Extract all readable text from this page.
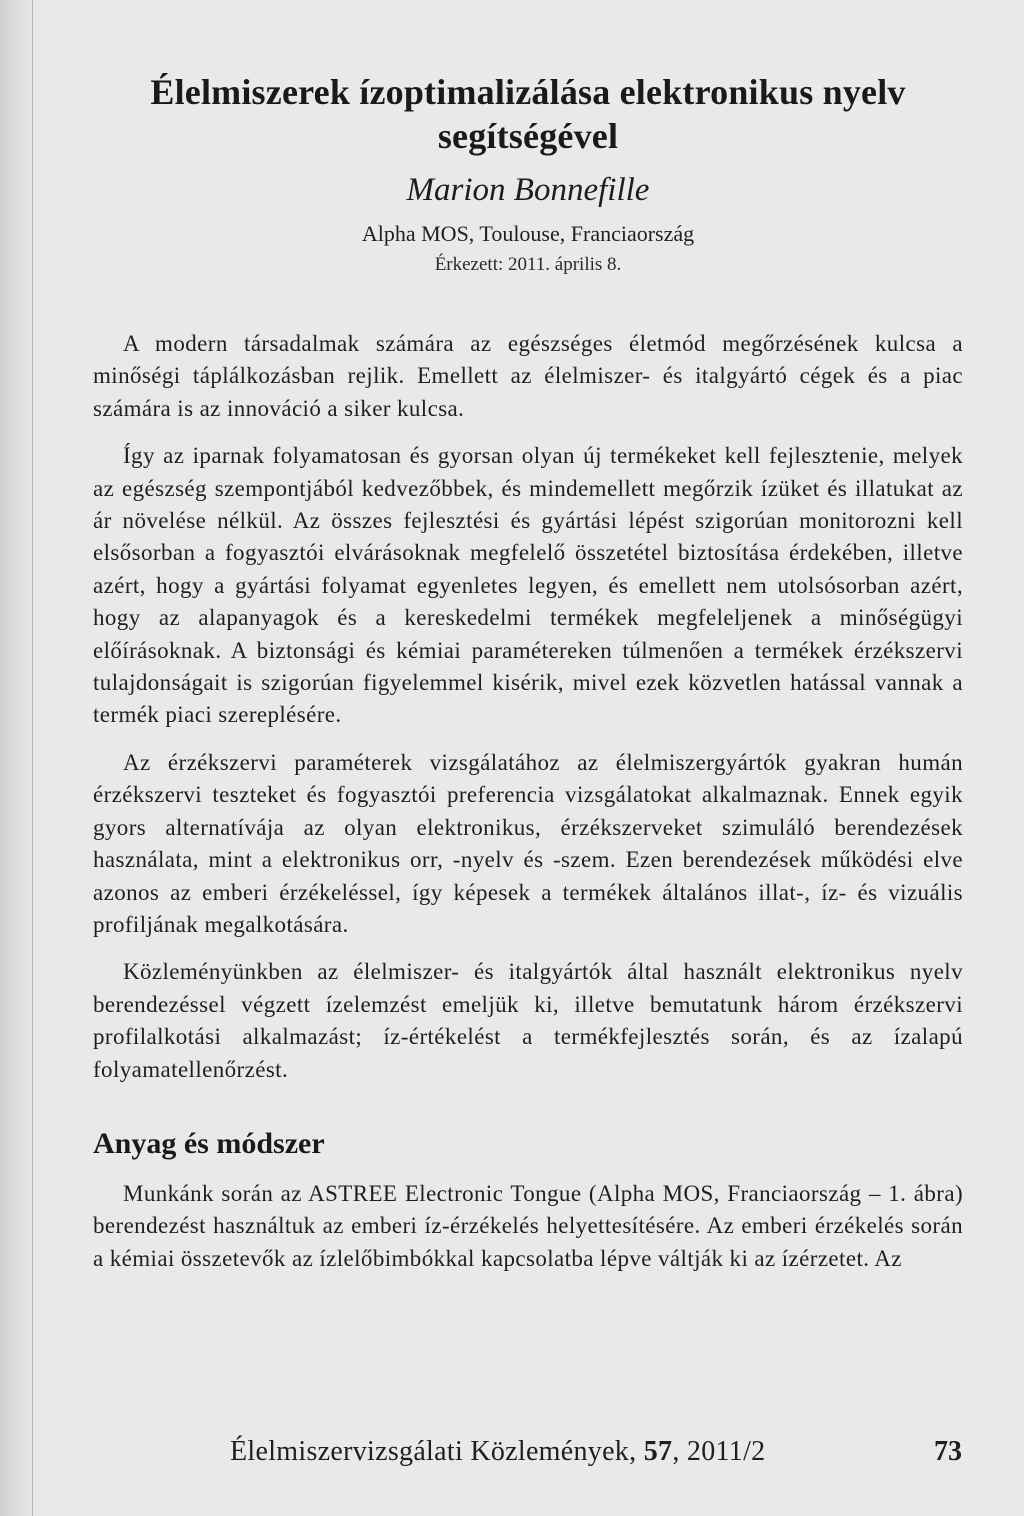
Élelmiszerek ízoptimalizálása elektronikus nyelv segítségével

Marion Bonnefille

Alpha MOS, Toulouse, Franciaország

Érkezett: 2011. április 8.

A modern társadalmak számára az egészséges életmód megőrzésének kulcsa a minőségi táplálkozásban rejlik. Emellett az élelmiszer- és italgyártó cégek és a piac számára is az innováció a siker kulcsa.

Így az iparnak folyamatosan és gyorsan olyan új termékeket kell fejlesztenie, melyek az egészség szempontjából kedvezőbbek, és mindemellett megőrzik ízüket és illatukat az ár növelése nélkül. Az összes fejlesztési és gyártási lépést szigorúan monitorozni kell elsősorban a fogyasztói elvárásoknak megfelelő összetétel biztosítása érdekében, illetve azért, hogy a gyártási folyamat egyenletes legyen, és emellett nem utolsósorban azért, hogy az alapanyagok és a kereskedelmi termékek megfeleljenek a minőségügyi előírásoknak. A biztonsági és kémiai paramétereken túlmenően a termékek érzékszervi tulajdonságait is szigorúan figyelemmel kisérik, mivel ezek közvetlen hatással vannak a termék piaci szereplésére.

Az érzékszervi paraméterek vizsgálatához az élelmiszergyártók gyakran humán érzékszervi teszteket és fogyasztói preferencia vizsgálatokat alkalmaznak. Ennek egyik gyors alternatívája az olyan elektronikus, érzékszerveket szimuláló berendezések használata, mint a elektronikus orr, -nyelv és -szem. Ezen berendezések működési elve azonos az emberi érzékeléssel, így képesek a termékek általános illat-, íz- és vizuális profiljának megalkotására.

Közleményünkben az élelmiszer- és italgyártók által használt elektronikus nyelv berendezéssel végzett ízelemzést emeljük ki, illetve bemutatunk három érzékszervi profilalkotási alkalmazást; íz-értékelést a termékfejlesztés során, és az ízalapú folyamatellenőrzést.

Anyag és módszer

Munkánk során az ASTREE Electronic Tongue (Alpha MOS, Franciaország – 1. ábra) berendezést használtuk az emberi íz-érzékelés helyettesítésére. Az emberi érzékelés során a kémiai összetevők az ízlelőbimbókkal kapcsolatba lépve váltják ki az ízérzetet. Az

Élelmiszervizsgálati Közlemények, 57, 2011/2	73
